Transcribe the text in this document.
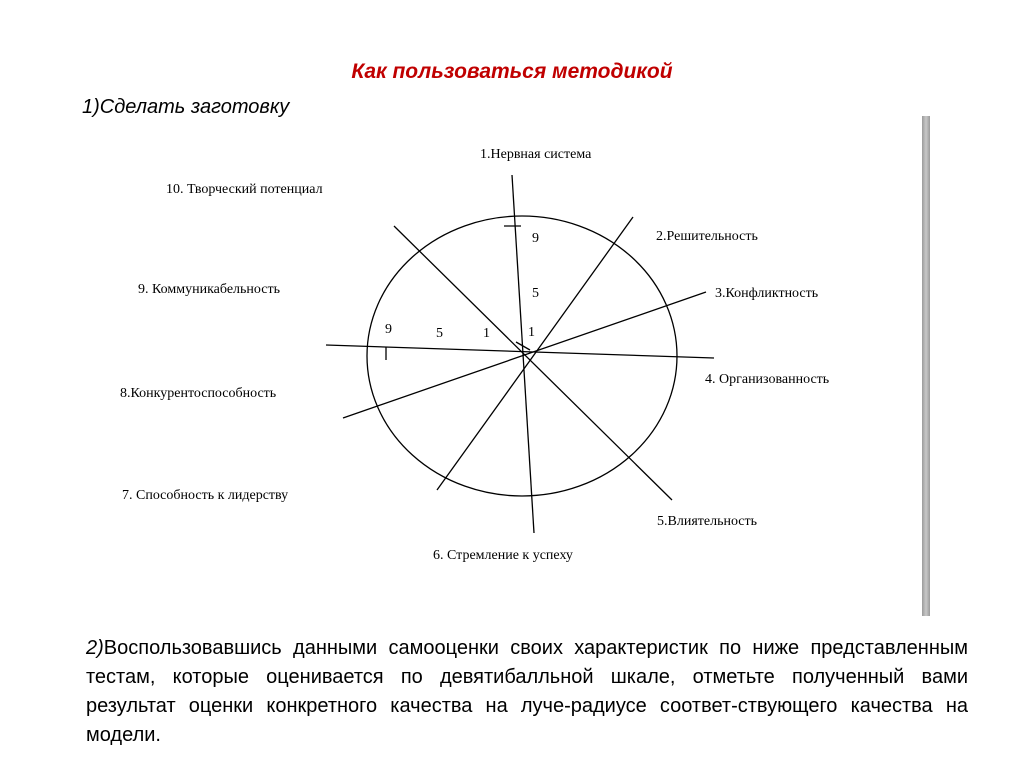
Как пользоваться методикой
1)Сделать заготовку
1.Нервная система
2.Решительность
3.Конфликтность
4. Организованность
5.Влиятельность
6. Стремление к успеху
7. Способность к лидерству
8.Конкурентоспособность
9. Коммуникабельность
10. Творческий потенциал
9
5
1
9	5	1

2)Воспользовавшись данными самооценки своих характеристик по ниже представленным тестам, которые оценивается по девятибалльной шкале, отметьте полученный вами результат оценки конкретного качества на луче-радиусе соответ-ствующего качества на модели.
